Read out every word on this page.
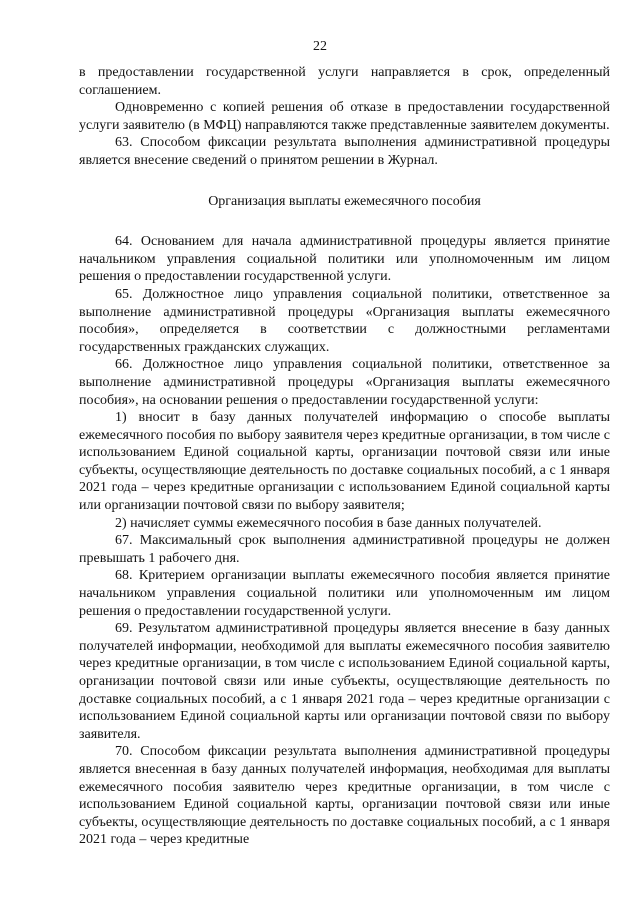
22

в предоставлении государственной услуги направляется в срок, определенный соглашением.

Одновременно с копией решения об отказе в предоставлении государственной услуги заявителю (в МФЦ) направляются также представленные заявителем документы.

63. Способом фиксации результата выполнения административной процедуры является внесение сведений о принятом решении в Журнал.

Организация выплаты ежемесячного пособия

64. Основанием для начала административной процедуры является принятие начальником управления социальной политики или уполномоченным им лицом решения о предоставлении государственной услуги.

65. Должностное лицо управления социальной политики, ответственное за выполнение административной процедуры «Организация выплаты ежемесячного пособия», определяется в соответствии с должностными регламентами государственных гражданских служащих.

66. Должностное лицо управления социальной политики, ответственное за выполнение административной процедуры «Организация выплаты ежемесячного пособия», на основании решения о предоставлении государственной услуги:

1) вносит в базу данных получателей информацию о способе выплаты ежемесячного пособия по выбору заявителя через кредитные организации, в том числе с использованием Единой социальной карты, организации почтовой связи или иные субъекты, осуществляющие деятельность по доставке социальных пособий, а с 1 января 2021 года – через кредитные организации с использованием Единой социальной карты или организации почтовой связи по выбору заявителя;

2) начисляет суммы ежемесячного пособия в базе данных получателей.

67. Максимальный срок выполнения административной процедуры не должен превышать 1 рабочего дня.

68. Критерием организации выплаты ежемесячного пособия является принятие начальником управления социальной политики или уполномоченным им лицом решения о предоставлении государственной услуги.

69. Результатом административной процедуры является внесение в базу данных получателей информации, необходимой для выплаты ежемесячного пособия заявителю через кредитные организации, в том числе с использованием Единой социальной карты, организации почтовой связи или иные субъекты, осуществляющие деятельность по доставке социальных пособий, а с 1 января 2021 года – через кредитные организации с использованием Единой социальной карты или организации почтовой связи по выбору заявителя.

70. Способом фиксации результата выполнения административной процедуры является внесенная в базу данных получателей информация, необходимая для выплаты ежемесячного пособия заявителю через кредитные организации, в том числе с использованием Единой социальной карты, организации почтовой связи или иные субъекты, осуществляющие деятельность по доставке социальных пособий, а с 1 января 2021 года – через кредитные
